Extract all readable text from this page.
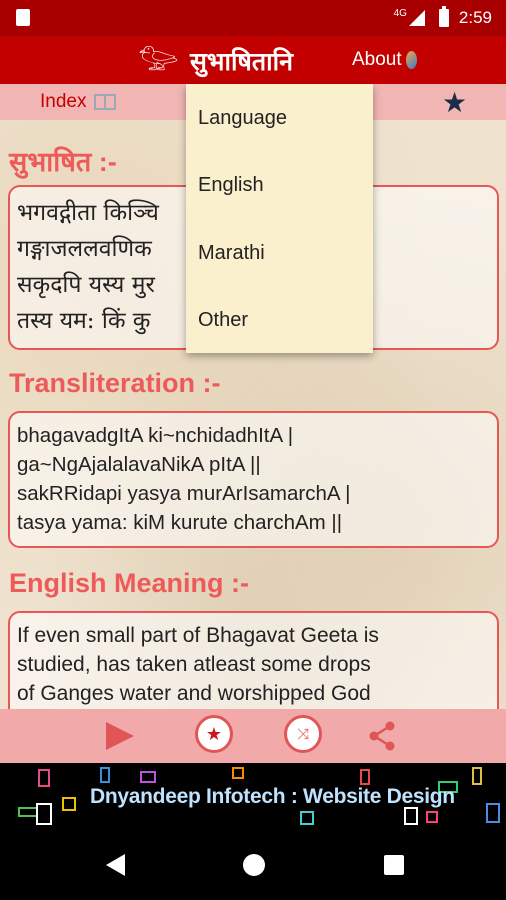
4G	2:59
𓅰 सुभाषितानि	About
Index	★
सुभाषित :-
भगवद्गीता किञ्चि
गङ्गाजललवणिक
सकृदपि यस्य मुर
तस्य यम: किं कु
Transliteration :-
bhagavadgItA ki~nchidadhItA |
ga~NgAjalalavaNikA pItA ||
sakRRidapi yasya murArIsamarchA |
tasya yama: kiM kurute charchAm ||
English Meaning :-
If even small part of Bhagavat Geeta is
studied, has taken atleast some drops
of Ganges water and worshipped God
Language
English
Marathi
Other
★	⤨
Dnyandeep Infotech : Website Design
